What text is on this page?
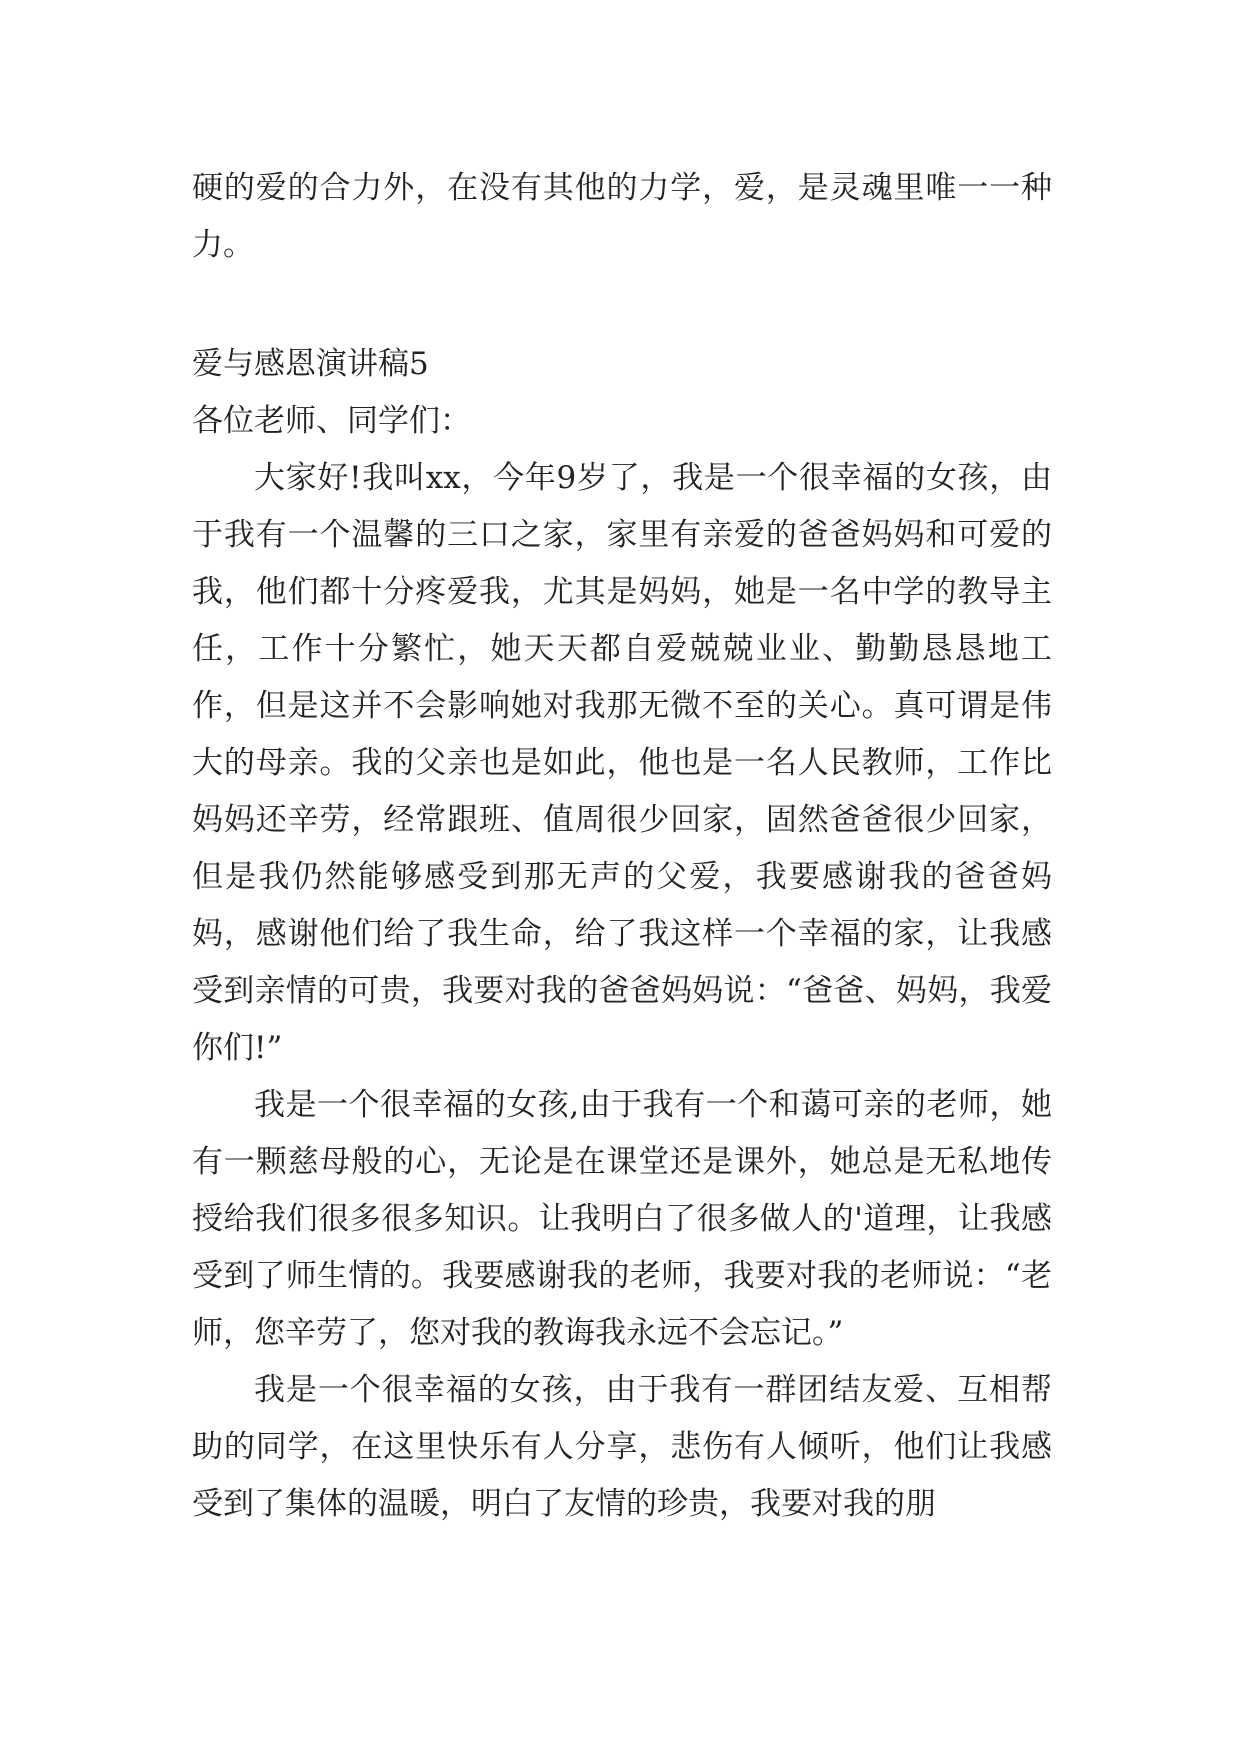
硬的爱的合力外，在没有其他的力学，爱，是灵魂里唯一一种力。

爱与感恩演讲稿5

各位老师、同学们：

大家好!我叫xx，今年9岁了，我是一个很幸福的女孩，由于我有一个温馨的三口之家，家里有亲爱的爸爸妈妈和可爱的我，他们都十分疼爱我，尤其是妈妈，她是一名中学的教导主任，工作十分繁忙，她天天都自爱兢兢业业、勤勤恳恳地工作，但是这并不会影响她对我那无微不至的关心。真可谓是伟大的母亲。我的父亲也是如此，他也是一名人民教师，工作比妈妈还辛劳，经常跟班、值周很少回家，固然爸爸很少回家，但是我仍然能够感受到那无声的父爱，我要感谢我的爸爸妈妈，感谢他们给了我生命，给了我这样一个幸福的家，让我感受到亲情的可贵，我要对我的爸爸妈妈说：“爸爸、妈妈，我爱你们!”

我是一个很幸福的女孩,由于我有一个和蔼可亲的老师，她有一颗慈母般的心，无论是在课堂还是课外，她总是无私地传授给我们很多很多知识。让我明白了很多做人的'道理，让我感受到了师生情的。我要感谢我的老师，我要对我的老师说：“老师，您辛劳了，您对我的教诲我永远不会忘记。”

我是一个很幸福的女孩，由于我有一群团结友爱、互相帮助的同学，在这里快乐有人分享，悲伤有人倾听，他们让我感受到了集体的温暖，明白了友情的珍贵，我要对我的朋
